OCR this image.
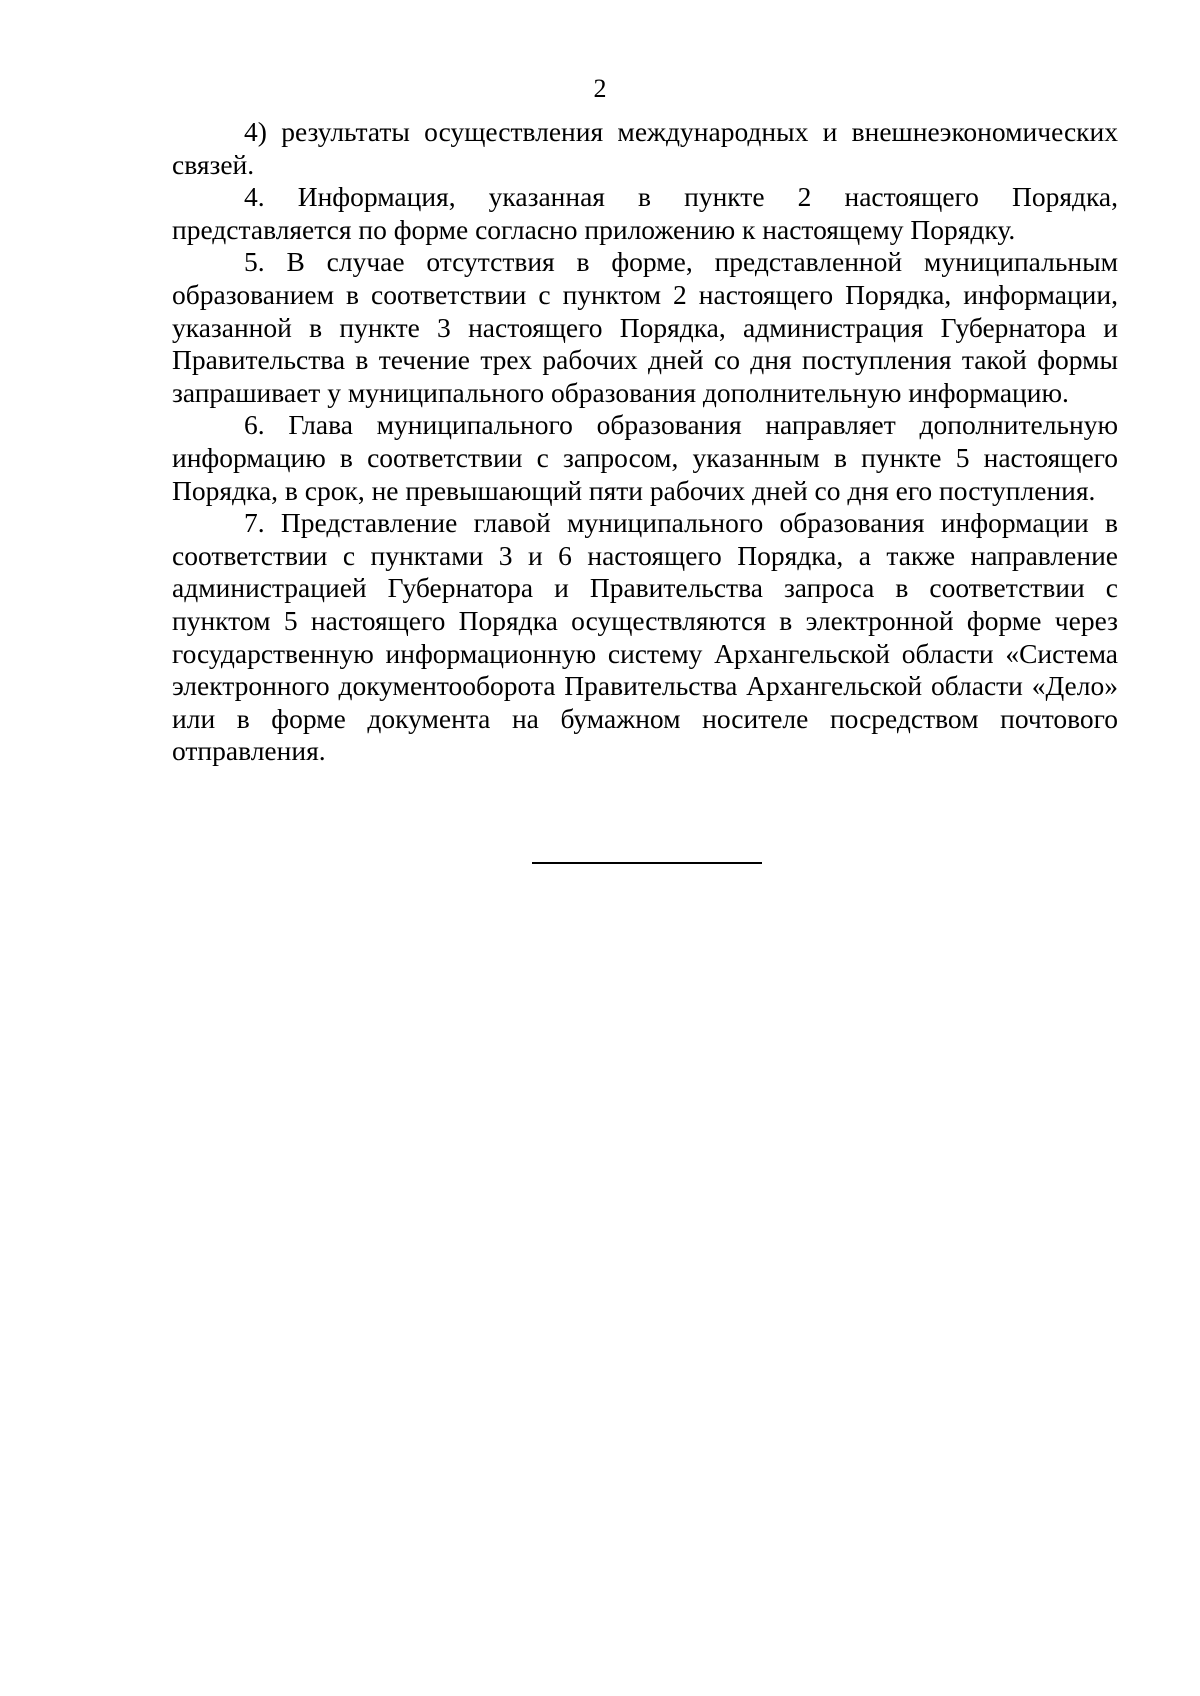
2

4) результаты осуществления международных и внешнеэкономических связей.

4. Информация, указанная в пункте 2 настоящего Порядка, представляется по форме согласно приложению к настоящему Порядку.

5. В случае отсутствия в форме, представленной муниципальным образованием в соответствии с пунктом 2 настоящего Порядка, информации, указанной в пункте 3 настоящего Порядка, администрация Губернатора и Правительства в течение трех рабочих дней со дня поступления такой формы запрашивает у муниципального образования дополнительную информацию.

6. Глава муниципального образования направляет дополнительную информацию в соответствии с запросом, указанным в пункте 5 настоящего Порядка, в срок, не превышающий пяти рабочих дней со дня его поступления.

7. Представление главой муниципального образования информации в соответствии с пунктами 3 и 6 настоящего Порядка, а также направление администрацией Губернатора и Правительства запроса в соответствии с пунктом 5 настоящего Порядка осуществляются в электронной форме через государственную информационную систему Архангельской области «Система электронного документооборота Правительства Архангельской области «Дело» или в форме документа на бумажном носителе посредством почтового отправления.
